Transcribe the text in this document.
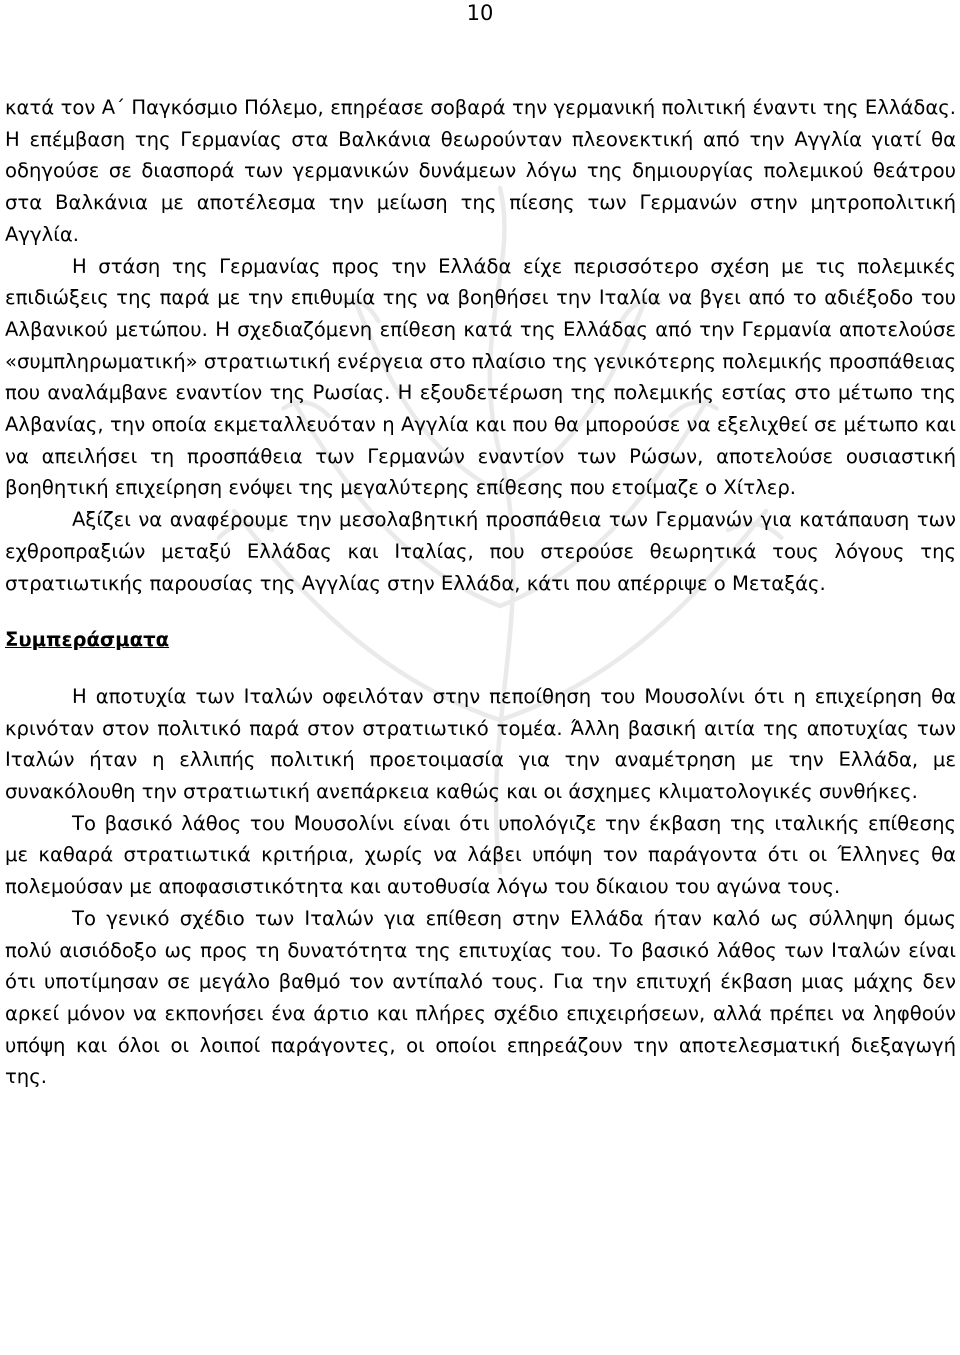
10

κατά τον Α΄ Παγκόσμιο Πόλεμο, επηρέασε σοβαρά την γερμανική πολιτική έναντι της Ελλάδας. Η επέμβαση της Γερμανίας στα Βαλκάνια θεωρούνταν πλεονεκτική από την Αγγλία γιατί θα οδηγούσε σε διασπορά των γερμανικών δυνάμεων λόγω της δημιουργίας πολεμικού θεάτρου στα Βαλκάνια με αποτέλεσμα την μείωση της πίεσης των Γερμανών στην μητροπολιτική Αγγλία.

Η στάση της Γερμανίας προς την Ελλάδα είχε περισσότερο σχέση με τις πολεμικές επιδιώξεις της παρά με την επιθυμία της να βοηθήσει την Ιταλία να βγει από το αδιέξοδο του Αλβανικού μετώπου. Η σχεδιαζόμενη επίθεση κατά της Ελλάδας από την Γερμανία αποτελούσε «συμπληρωματική» στρατιωτική ενέργεια στο πλαίσιο της γενικότερης πολεμικής προσπάθειας που αναλάμβανε εναντίον της Ρωσίας. Η εξουδετέρωση της πολεμικής εστίας στο μέτωπο της Αλβανίας, την οποία εκμεταλλευόταν η Αγγλία και που θα μπορούσε να εξελιχθεί σε μέτωπο και να απειλήσει τη προσπάθεια των Γερμανών εναντίον των Ρώσων, αποτελούσε ουσιαστική βοηθητική επιχείρηση ενόψει της μεγαλύτερης επίθεσης που ετοίμαζε ο Χίτλερ.

Αξίζει να αναφέρουμε την μεσολαβητική προσπάθεια των Γερμανών για κατάπαυση των εχθροπραξιών μεταξύ Ελλάδας και Ιταλίας, που στερούσε θεωρητικά τους λόγους της στρατιωτικής παρουσίας της Αγγλίας στην Ελλάδα, κάτι που απέρριψε ο Μεταξάς.

Συμπεράσματα

Η αποτυχία των Ιταλών οφειλόταν στην πεποίθηση του Μουσολίνι ότι η επιχείρηση θα κρινόταν στον πολιτικό παρά στον στρατιωτικό τομέα. Άλλη βασική αιτία της αποτυχίας των Ιταλών ήταν η ελλιπής πολιτική προετοιμασία για την αναμέτρηση με την Ελλάδα, με συνακόλουθη την στρατιωτική ανεπάρκεια καθώς και οι άσχημες κλιματολογικές συνθήκες.

Το βασικό λάθος του Μουσολίνι είναι ότι υπολόγιζε την έκβαση της ιταλικής επίθεσης με καθαρά στρατιωτικά κριτήρια, χωρίς να λάβει υπόψη τον παράγοντα ότι οι Έλληνες θα πολεμούσαν με αποφασιστικότητα και αυτοθυσία λόγω του δίκαιου του αγώνα τους.

Το γενικό σχέδιο των Ιταλών για επίθεση στην Ελλάδα ήταν καλό ως σύλληψη όμως πολύ αισιόδοξο ως προς τη δυνατότητα της επιτυχίας του. Το βασικό λάθος των Ιταλών είναι ότι υποτίμησαν σε μεγάλο βαθμό τον αντίπαλό τους. Για την επιτυχή έκβαση μιας μάχης δεν αρκεί μόνον να εκπονήσει ένα άρτιο και πλήρες σχέδιο επιχειρήσεων, αλλά πρέπει να ληφθούν υπόψη και όλοι οι λοιποί παράγοντες, οι οποίοι επηρεάζουν την αποτελεσματική διεξαγωγή της.
